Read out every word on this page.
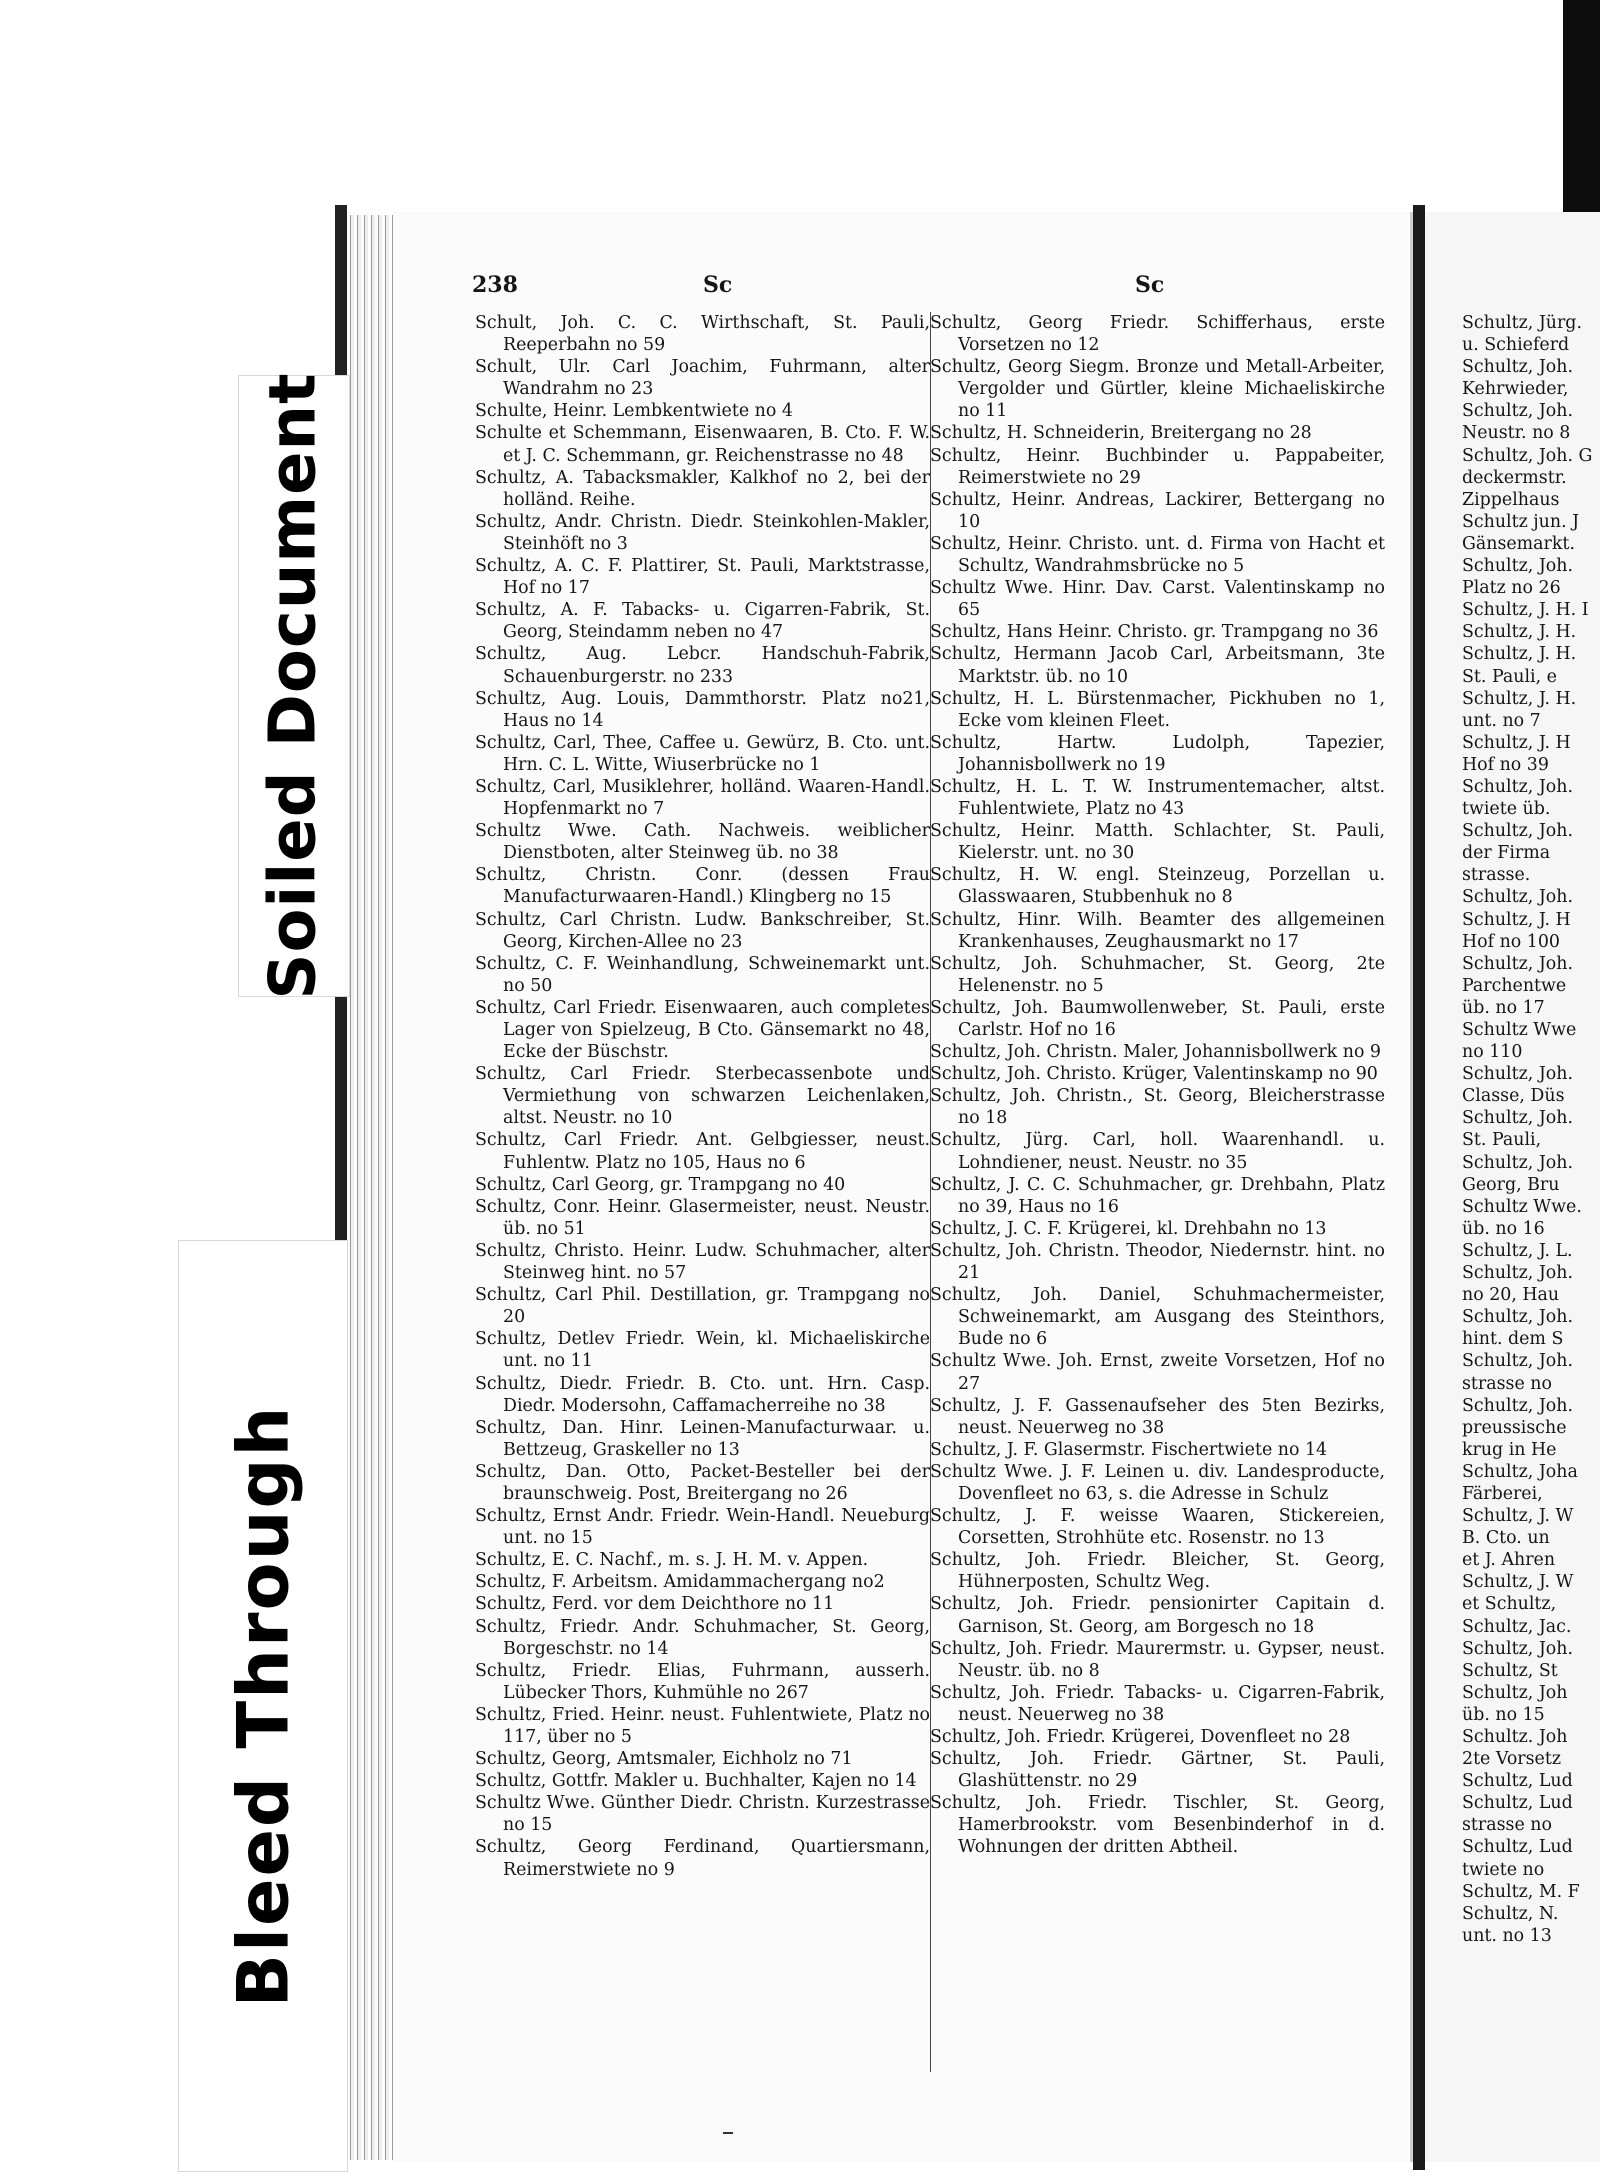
Soiled Document
Bleed Through
238	Sc	Sc
Schult, Joh. C. C. Wirthschaft, St. Pauli, Reeperbahn no 59
Schult, Ulr. Carl Joachim, Fuhrmann, alter Wandrahm no 23
Schulte, Heinr. Lembkentwiete no 4
Schulte et Schemmann, Eisenwaaren, B. Cto. F. W. et J. C. Schemmann, gr. Reichenstrasse no 48
Schultz, A. Tabacksmakler, Kalkhof no 2, bei der holländ. Reihe.
Schultz, Andr. Christn. Diedr. Steinkohlen-Makler, Steinhöft no 3
Schultz, A. C. F. Plattirer, St. Pauli, Marktstrasse, Hof no 17
Schultz, A. F. Tabacks- u. Cigarren-Fabrik, St. Georg, Steindamm neben no 47
Schultz, Aug. Lebcr. Handschuh-Fabrik, Schauenburgerstr. no 233
Schultz, Aug. Louis, Dammthorstr. Platz no21, Haus no 14
Schultz, Carl, Thee, Caffee u. Gewürz, B. Cto. unt. Hrn. C. L. Witte, Wiuserbrücke no 1
Schultz, Carl, Musiklehrer, holländ. Waaren-Handl. Hopfenmarkt no 7
Schultz Wwe. Cath. Nachweis. weiblicher Dienstboten, alter Steinweg üb. no 38
Schultz, Christn. Conr. (dessen Frau Manufacturwaaren-Handl.) Klingberg no 15
Schultz, Carl Christn. Ludw. Bankschreiber, St. Georg, Kirchen-Allee no 23
Schultz, C. F. Weinhandlung, Schweinemarkt unt. no 50
Schultz, Carl Friedr. Eisenwaaren, auch completes Lager von Spielzeug, B Cto. Gänsemarkt no 48, Ecke der Büschstr.
Schultz, Carl Friedr. Sterbecassenbote und Vermiethung von schwarzen Leichenlaken, altst. Neustr. no 10
Schultz, Carl Friedr. Ant. Gelbgiesser, neust. Fuhlentw. Platz no 105, Haus no 6
Schultz, Carl Georg, gr. Trampgang no 40
Schultz, Conr. Heinr. Glasermeister, neust. Neustr. üb. no 51
Schultz, Christo. Heinr. Ludw. Schuhmacher, alter Steinweg hint. no 57
Schultz, Carl Phil. Destillation, gr. Trampgang no 20
Schultz, Detlev Friedr. Wein, kl. Michaeliskirche unt. no 11
Schultz, Diedr. Friedr. B. Cto. unt. Hrn. Casp. Diedr. Modersohn, Caffamacherreihe no 38
Schultz, Dan. Hinr. Leinen-Manufacturwaar. u. Bettzeug, Graskeller no 13
Schultz, Dan. Otto, Packet-Besteller bei der braunschweig. Post, Breitergang no 26
Schultz, Ernst Andr. Friedr. Wein-Handl. Neueburg unt. no 15
Schultz, E. C. Nachf., m. s. J. H. M. v. Appen.
Schultz, F. Arbeitsm. Amidammachergang no2
Schultz, Ferd. vor dem Deichthore no 11
Schultz, Friedr. Andr. Schuhmacher, St. Georg, Borgeschstr. no 14
Schultz, Friedr. Elias, Fuhrmann, ausserh. Lübecker Thors, Kuhmühle no 267
Schultz, Fried. Heinr. neust. Fuhlentwiete, Platz no 117, über no 5
Schultz, Georg, Amtsmaler, Eichholz no 71
Schultz, Gottfr. Makler u. Buchhalter, Kajen no 14
Schultz Wwe. Günther Diedr. Christn. Kurzestrasse no 15
Schultz, Georg Ferdinand, Quartiersmann, Reimerstwiete no 9
Schultz, Georg Friedr. Schifferhaus, erste Vorsetzen no 12
Schultz, Georg Siegm. Bronze und Metall-Arbeiter, Vergolder und Gürtler, kleine Michaeliskirche no 11
Schultz, H. Schneiderin, Breitergang no 28
Schultz, Heinr. Buchbinder u. Pappabeiter, Reimerstwiete no 29
Schultz, Heinr. Andreas, Lackirer, Bettergang no 10
Schultz, Heinr. Christo. unt. d. Firma von Hacht et Schultz, Wandrahmsbrücke no 5
Schultz Wwe. Hinr. Dav. Carst. Valentinskamp no 65
Schultz, Hans Heinr. Christo. gr. Trampgang no 36
Schultz, Hermann Jacob Carl, Arbeitsmann, 3te Marktstr. üb. no 10
Schultz, H. L. Bürstenmacher, Pickhuben no 1, Ecke vom kleinen Fleet.
Schultz, Hartw. Ludolph, Tapezier, Johannisbollwerk no 19
Schultz, H. L. T. W. Instrumentemacher, altst. Fuhlentwiete, Platz no 43
Schultz, Heinr. Matth. Schlachter, St. Pauli, Kielerstr. unt. no 30
Schultz, H. W. engl. Steinzeug, Porzellan u. Glasswaaren, Stubbenhuk no 8
Schultz, Hinr. Wilh. Beamter des allgemeinen Krankenhauses, Zeughausmarkt no 17
Schultz, Joh. Schuhmacher, St. Georg, 2te Helenenstr. no 5
Schultz, Joh. Baumwollenweber, St. Pauli, erste Carlstr. Hof no 16
Schultz, Joh. Christn. Maler, Johannisbollwerk no 9
Schultz, Joh. Christo. Krüger, Valentinskamp no 90
Schultz, Joh. Christn., St. Georg, Bleicherstrasse no 18
Schultz, Jürg. Carl, holl. Waarenhandl. u. Lohndiener, neust. Neustr. no 35
Schultz, J. C. C. Schuhmacher, gr. Drehbahn, Platz no 39, Haus no 16
Schultz, J. C. F. Krügerei, kl. Drehbahn no 13
Schultz, Joh. Christn. Theodor, Niedernstr. hint. no 21
Schultz, Joh. Daniel, Schuhmachermeister, Schweinemarkt, am Ausgang des Steinthors, Bude no 6
Schultz Wwe. Joh. Ernst, zweite Vorsetzen, Hof no 27
Schultz, J. F. Gassenaufseher des 5ten Bezirks, neust. Neuerweg no 38
Schultz, J. F. Glasermstr. Fischertwiete no 14
Schultz Wwe. J. F. Leinen u. div. Landesproducte, Dovenfleet no 63, s. die Adresse in Schulz
Schultz, J. F. weisse Waaren, Stickereien, Corsetten, Strohhüte etc. Rosenstr. no 13
Schultz, Joh. Friedr. Bleicher, St. Georg, Hühnerposten, Schultz Weg.
Schultz, Joh. Friedr. pensionirter Capitain d. Garnison, St. Georg, am Borgesch no 18
Schultz, Joh. Friedr. Maurermstr. u. Gypser, neust. Neustr. üb. no 8
Schultz, Joh. Friedr. Tabacks- u. Cigarren-Fabrik, neust. Neuerweg no 38
Schultz, Joh. Friedr. Krügerei, Dovenfleet no 28
Schultz, Joh. Friedr. Gärtner, St. Pauli, Glashüttenstr. no 29
Schultz, Joh. Friedr. Tischler, St. Georg, Hamerbrookstr. vom Besenbinderhof in d. Wohnungen der dritten Abtheil.
Schultz, Jürg.
u. Schieferd
Schultz, Joh.
Kehrwieder,
Schultz, Joh.
Neustr. no 8
Schultz, Joh. G
deckermstr.
Zippelhaus
Schultz jun. J
Gänsemarkt.
Schultz, Joh.
Platz no 26
Schultz, J. H. I
Schultz, J. H.
Schultz, J. H.
St. Pauli, e
Schultz, J. H.
unt. no 7
Schultz, J. H
Hof no 39
Schultz, Joh.
twiete üb.
Schultz, Joh.
der Firma
strasse.
Schultz, Joh.
Schultz, J. H
Hof no 100
Schultz, Joh.
Parchentwe
üb. no 17
Schultz Wwe
no 110
Schultz, Joh.
Classe, Düs
Schultz, Joh.
St. Pauli,
Schultz, Joh.
Georg, Bru
Schultz Wwe.
üb. no 16
Schultz, J. L.
Schultz, Joh.
no 20, Hau
Schultz, Joh.
hint. dem S
Schultz, Joh.
strasse no
Schultz, Joh.
preussische
krug in He
Schultz, Joha
Färberei,
Schultz, J. W
B. Cto. un
et J. Ahren
Schultz, J. W
et Schultz,
Schultz, Jac.
Schultz, Joh.
Schultz, St
Schultz, Joh
üb. no 15
Schultz. Joh
2te Vorsetz
Schultz, Lud
Schultz, Lud
strasse no
Schultz, Lud
twiete no
Schultz, M. F
Schultz, N.
unt. no 13
